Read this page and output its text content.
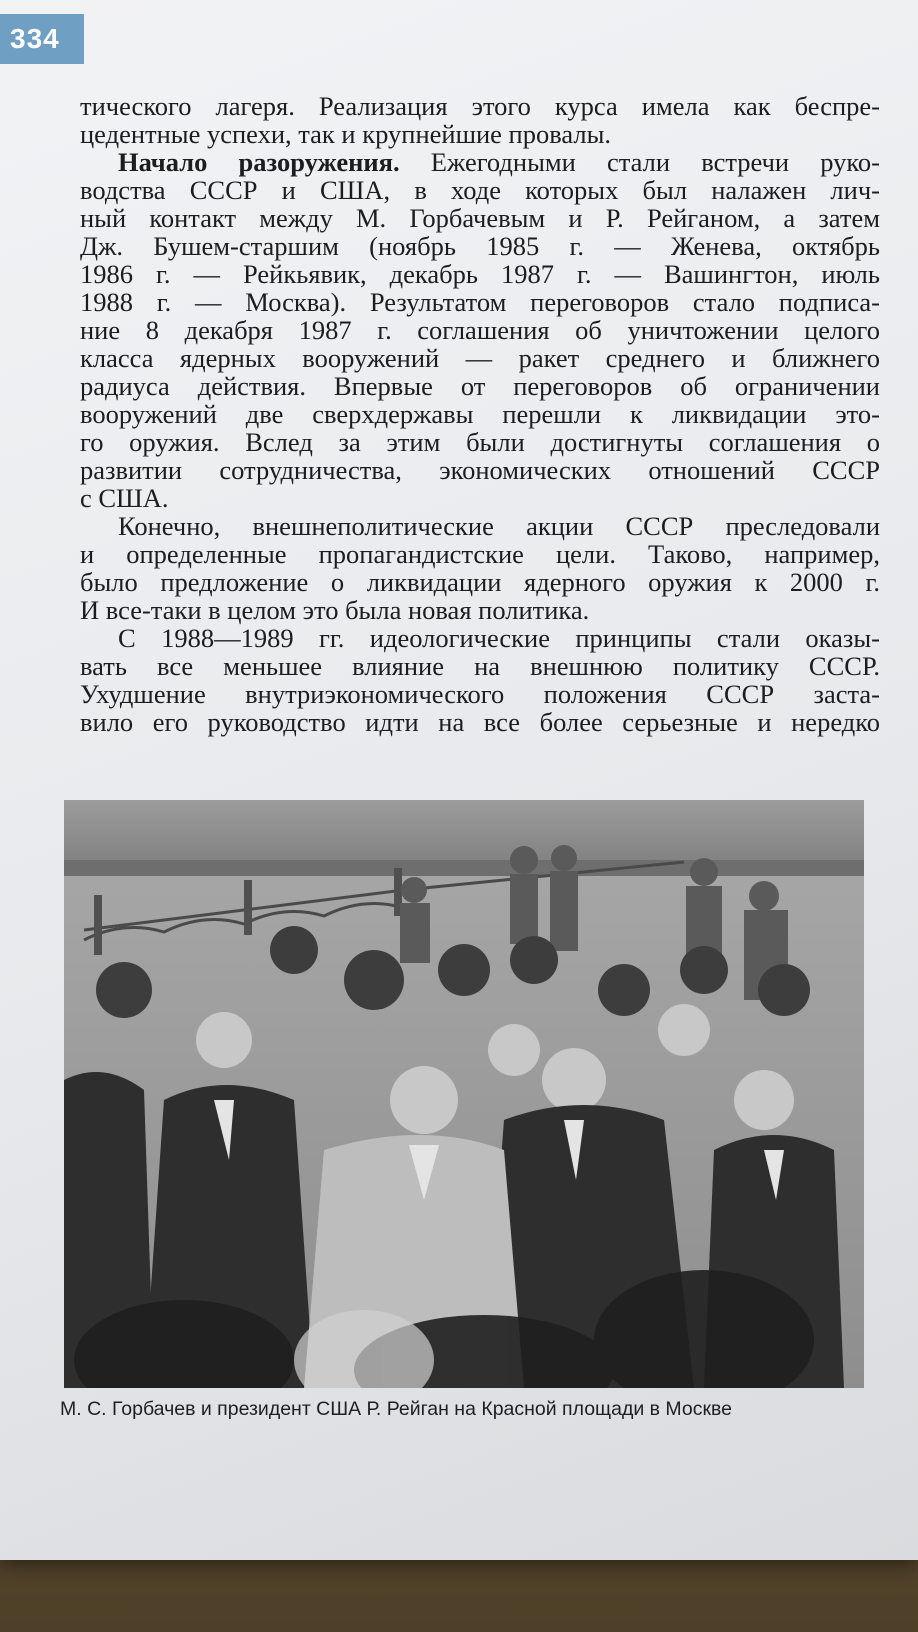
334
тического лагеря. Реализация этого курса имела как беспре-
цедентные успехи, так и крупнейшие провалы.
Начало разоружения. Ежегодными стали встречи руко-
водства СССР и США, в ходе которых был налажен лич-
ный контакт между М. Горбачевым и Р. Рейганом, а затем
Дж. Бушем-старшим (ноябрь 1985 г. — Женева, октябрь
1986 г. — Рейкьявик, декабрь 1987 г. — Вашингтон, июль
1988 г. — Москва). Результатом переговоров стало подписа-
ние 8 декабря 1987 г. соглашения об уничтожении целого
класса ядерных вооружений — ракет среднего и ближнего
радиуса действия. Впервые от переговоров об ограничении
вооружений две сверхдержавы перешли к ликвидации это-
го оружия. Вслед за этим были достигнуты соглашения о
развитии сотрудничества, экономических отношений СССР
с США.
Конечно, внешнеполитические акции СССР преследовали
и определенные пропагандистские цели. Таково, например,
было предложение о ликвидации ядерного оружия к 2000 г.
И все-таки в целом это была новая политика.
С 1988—1989 гг. идеологические принципы стали оказы-
вать все меньшее влияние на внешнюю политику СССР.
Ухудшение внутриэкономического положения СССР заста-
вило его руководство идти на все более серьезные и нередко
М. С. Горбачев и президент США Р. Рейган на Красной площади в Москве
